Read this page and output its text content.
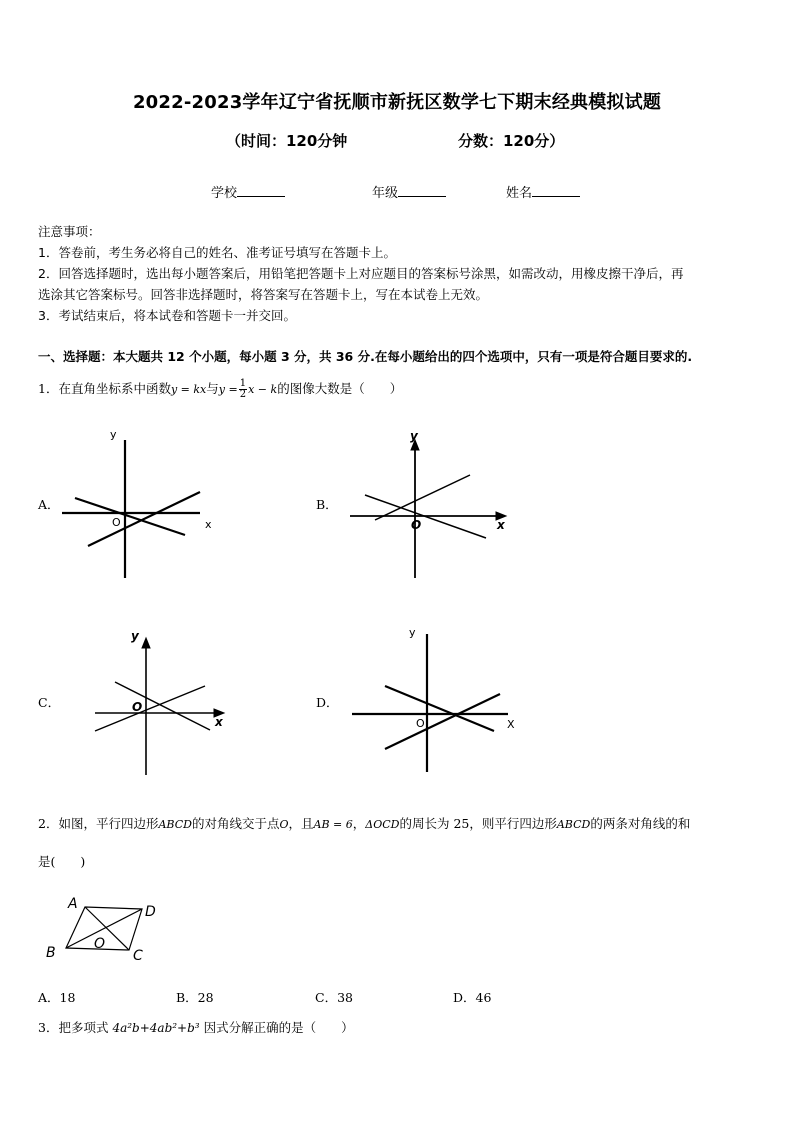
2022-2023学年辽宁省抚顺市新抚区数学七下期末经典模拟试题
（时间：120分钟	分数：120分）
学校	年级	姓名
注意事项：
1．答卷前，考生务必将自己的姓名、准考证号填写在答题卡上。
2．回答选择题时，选出每小题答案后，用铅笔把答题卡上对应题目的答案标号涂黑，如需改动，用橡皮擦干净后，再
选涂其它答案标号。回答非选择题时，将答案写在答题卡上，写在本试卷上无效。
3．考试结束后，将本试卷和答题卡一并交回。
一、选择题：本大题共 12 个小题，每小题 3 分，共 36 分.在每小题给出的四个选项中，只有一项是符合题目要求的.
1．在直角坐标系中函数y = kx与$y = \frac{1}{2}$ x − k的图像大数是（　　）
A．	B．
C．	D．
y
x
O
y
x
O
y
x
O
y
X
O
A
B	C
D
O
2．如图，平行四边形ABCD的对角线交于点O，且AB = 6，ΔOCD的周长为 25，则平行四边形ABCD的两条对角线的和
是(　　)
A．18	B．28	C．38	D．46
3．把多项式 4a²b+4ab²+b³ 因式分解正确的是（　　）
